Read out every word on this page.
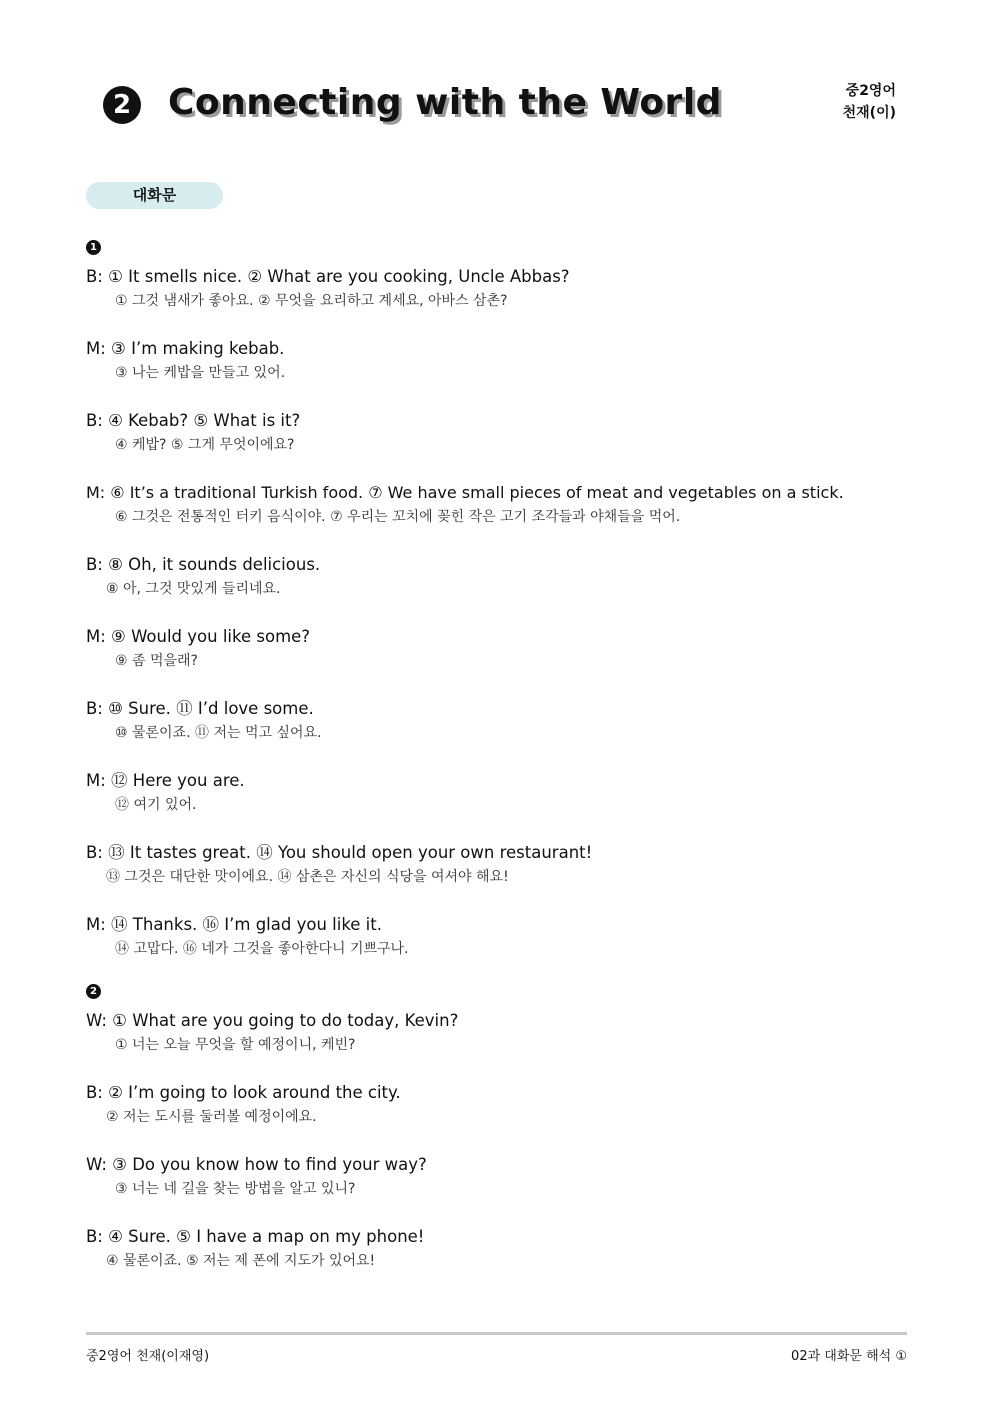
2 Connecting with the World	중2영어
천재(이)
대화문
1
B: ① It smells nice. ② What are you cooking, Uncle Abbas?
① 그것 냄새가 좋아요. ② 무엇을 요리하고 계세요, 아바스 삼촌?
M: ③ I’m making kebab.
③ 나는 케밥을 만들고 있어.
B: ④ Kebab? ⑤ What is it?
④ 케밥? ⑤ 그게 무엇이에요?
M: ⑥ It’s a traditional Turkish food. ⑦ We have small pieces of meat and vegetables on a stick.
⑥ 그것은 전통적인 터키 음식이야. ⑦ 우리는 꼬치에 꽂힌 작은 고기 조각들과 야채들을 먹어.
B: ⑧ Oh, it sounds delicious.
⑧ 아, 그것 맛있게 들리네요.
M: ⑨ Would you like some?
⑨ 좀 먹을래?
B: ⑩ Sure. ⑪ I’d love some.
⑩ 물론이죠. ⑪ 저는 먹고 싶어요.
M: ⑫ Here you are.
⑫ 여기 있어.
B: ⑬ It tastes great. ⑭ You should open your own restaurant!
⑬ 그것은 대단한 맛이에요. ⑭ 삼촌은 자신의 식당을 여셔야 해요!
M: ⑭ Thanks. ⑯ I’m glad you like it.
⑭ 고맙다. ⑯ 네가 그것을 좋아한다니 기쁘구나.
2
W: ① What are you going to do today, Kevin?
① 너는 오늘 무엇을 할 예정이니, 케빈?
B: ② I’m going to look around the city.
② 저는 도시를 둘러볼 예정이에요.
W: ③ Do you know how to find your way?
③ 너는 네 길을 찾는 방법을 알고 있니?
B: ④ Sure. ⑤ I have a map on my phone!
④ 물론이죠. ⑤ 저는 제 폰에 지도가 있어요!
중2영어 천재(이재영)	02과 대화문 해석 ①
